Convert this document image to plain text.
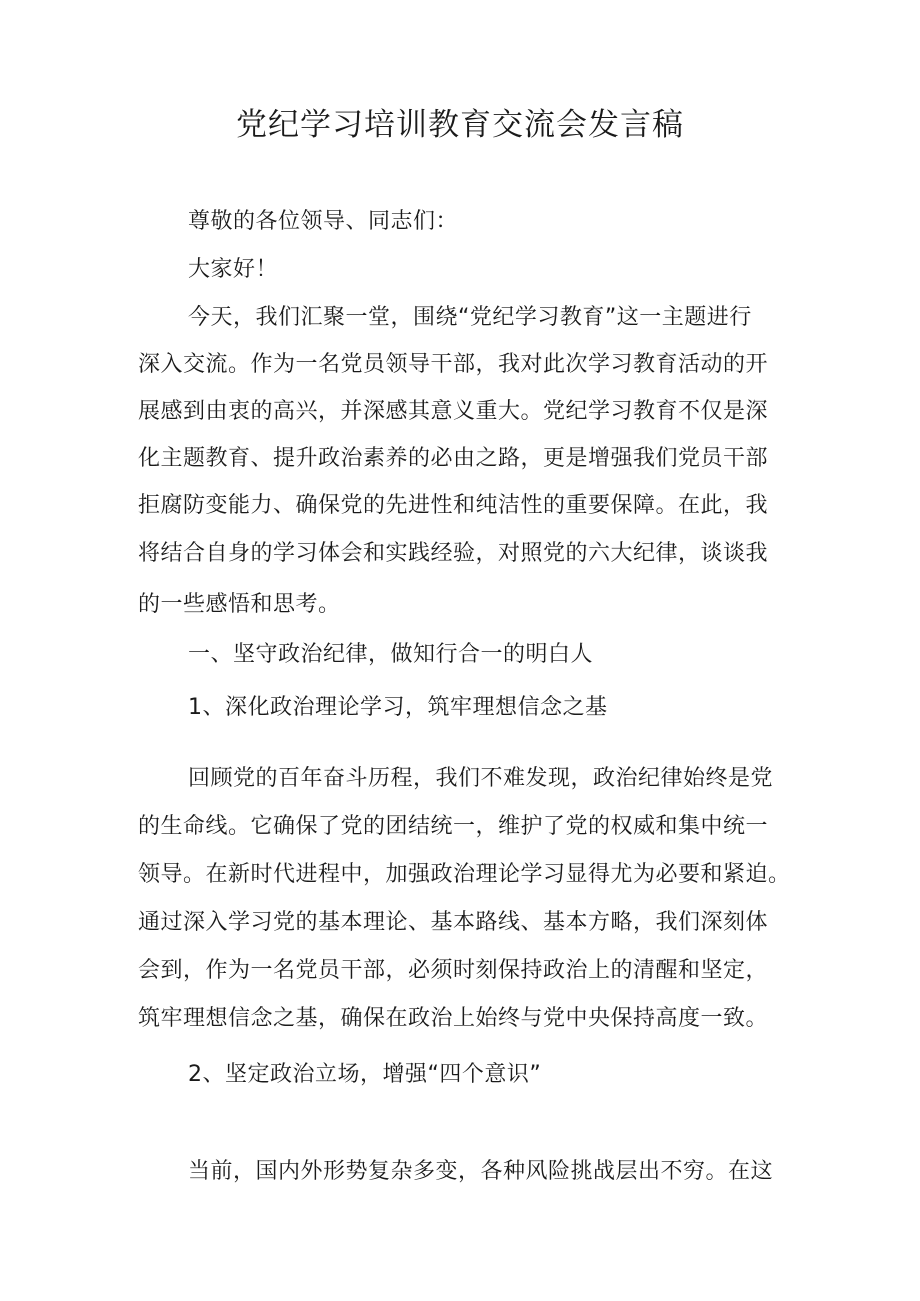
党纪学习培训教育交流会发言稿

尊敬的各位领导、同志们：

大家好！

今天，我们汇聚一堂，围绕“党纪学习教育”这一主题进行

深入交流。作为一名党员领导干部，我对此次学习教育活动的开

展感到由衷的高兴，并深感其意义重大。党纪学习教育不仅是深

化主题教育、提升政治素养的必由之路，更是增强我们党员干部

拒腐防变能力、确保党的先进性和纯洁性的重要保障。在此，我

将结合自身的学习体会和实践经验，对照党的六大纪律，谈谈我

的一些感悟和思考。

一、坚守政治纪律，做知行合一的明白人

1、深化政治理论学习，筑牢理想信念之基

回顾党的百年奋斗历程，我们不难发现，政治纪律始终是党

的生命线。它确保了党的团结统一，维护了党的权威和集中统一

领导。在新时代进程中，加强政治理论学习显得尤为必要和紧迫。

通过深入学习党的基本理论、基本路线、基本方略，我们深刻体

会到，作为一名党员干部，必须时刻保持政治上的清醒和坚定，

筑牢理想信念之基，确保在政治上始终与党中央保持高度一致。

2、坚定政治立场，增强“四个意识”

当前，国内外形势复杂多变，各种风险挑战层出不穷。在这
